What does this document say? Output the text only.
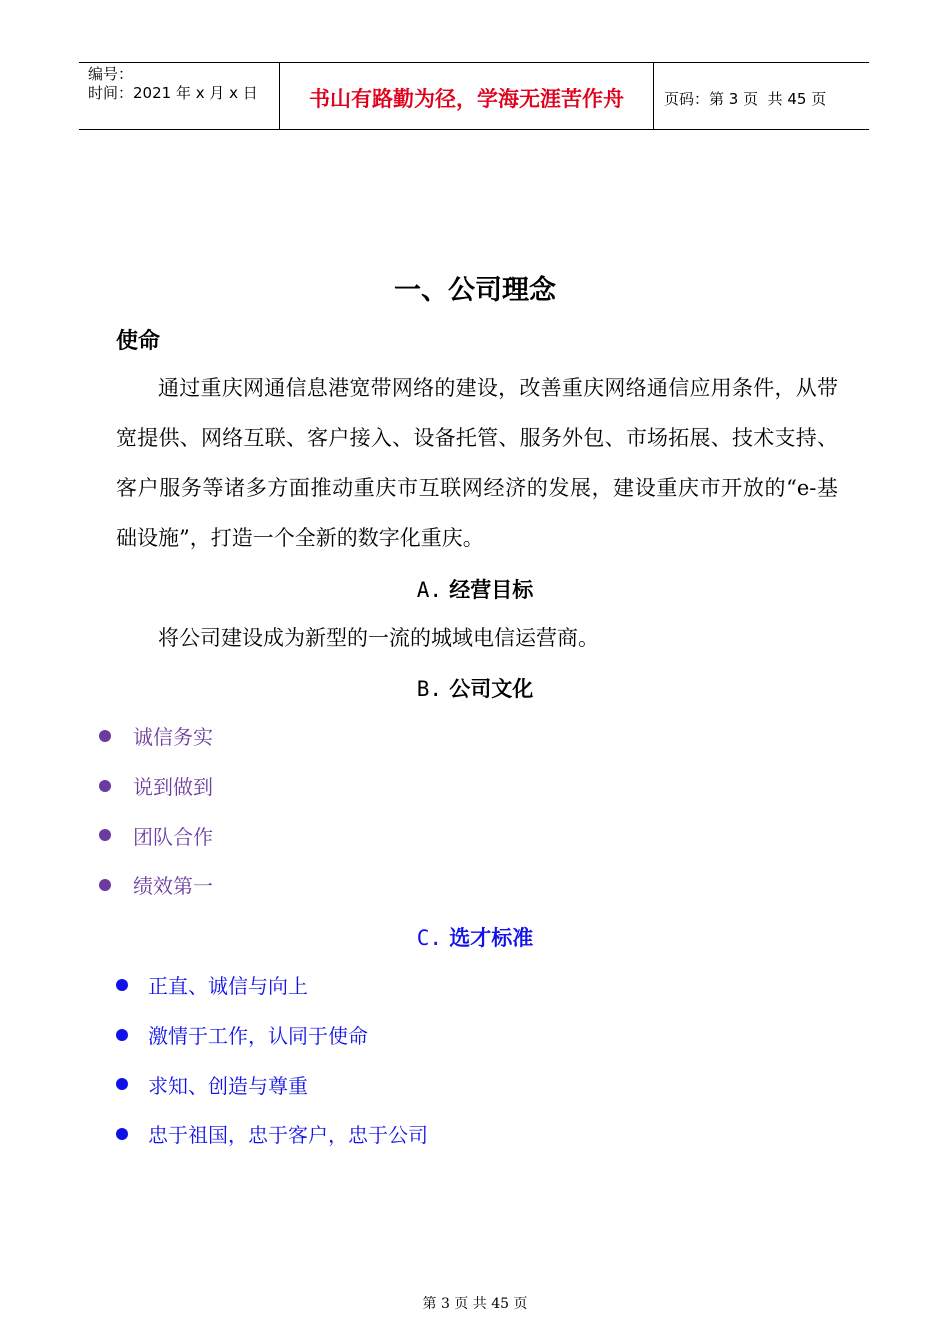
编号：
时间：2021 年 x 月 x 日	书山有路勤为径，学海无涯苦作舟	页码：第 3 页  共 45 页
一、公司理念
使命
通过重庆网通信息港宽带网络的建设，改善重庆网络通信应用条件，从带宽提供、网络互联、客户接入、设备托管、服务外包、市场拓展、技术支持、客户服务等诸多方面推动重庆市互联网经济的发展，建设重庆市开放的“e-基础设施”，打造一个全新的数字化重庆。
A. 经营目标
将公司建设成为新型的一流的城域电信运营商。
B. 公司文化
诚信务实
说到做到
团队合作
绩效第一
C. 选才标准
正直、诚信与向上
激情于工作，认同于使命
求知、创造与尊重
忠于祖国，忠于客户，忠于公司
第 3 页 共 45 页
